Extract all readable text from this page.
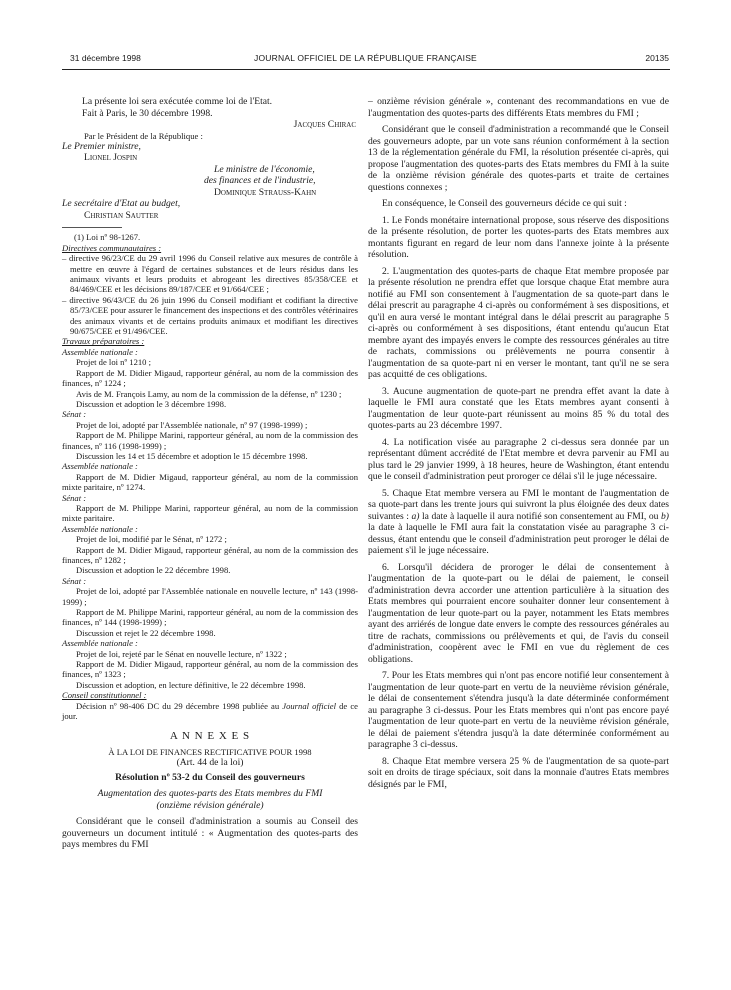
31 décembre 1998	JOURNAL OFFICIEL DE LA RÉPUBLIQUE FRANÇAISE	20135

La présente loi sera exécutée comme loi de l'Etat.

Fait à Paris, le 30 décembre 1998.

Jacques Chirac

Par le Président de la République :

Le Premier ministre,

Lionel Jospin

Le ministre de l'économie,

des finances et de l'industrie,

Dominique Strauss-Kahn

Le secrétaire d'Etat au budget,

Christian Sautter

(1) Loi nº 98-1267.

Directives communautaires :

– directive 96/23/CE du 29 avril 1996 du Conseil relative aux mesures de contrôle à mettre en œuvre à l'égard de certaines substances et de leurs résidus dans les animaux vivants et leurs produits et abrogeant les directives 85/358/CEE et 84/469/CEE et les décisions 89/187/CEE et 91/664/CEE ;

– directive 96/43/CE du 26 juin 1996 du Conseil modifiant et codifiant la directive 85/73/CEE pour assurer le financement des inspections et des contrôles vétérinaires des animaux vivants et de certains produits animaux et modifiant les directives 90/675/CEE et 91/496/CEE.

Travaux préparatoires :

Assemblée nationale :

Projet de loi nº 1210 ;

Rapport de M. Didier Migaud, rapporteur général, au nom de la commission des finances, nº 1224 ;

Avis de M. François Lamy, au nom de la commission de la défense, nº 1230 ;

Discussion et adoption le 3 décembre 1998.

Sénat :

Projet de loi, adopté par l'Assemblée nationale, nº 97 (1998-1999) ;

Rapport de M. Philippe Marini, rapporteur général, au nom de la commission des finances, nº 116 (1998-1999) ;

Discussion les 14 et 15 décembre et adoption le 15 décembre 1998.

Assemblée nationale :

Rapport de M. Didier Migaud, rapporteur général, au nom de la commission mixte paritaire, nº 1274.

Sénat :

Rapport de M. Philippe Marini, rapporteur général, au nom de la commission mixte paritaire.

Assemblée nationale :

Projet de loi, modifié par le Sénat, nº 1272 ;

Rapport de M. Didier Migaud, rapporteur général, au nom de la commission des finances, nº 1282 ;

Discussion et adoption le 22 décembre 1998.

Sénat :

Projet de loi, adopté par l'Assemblée nationale en nouvelle lecture, nº 143 (1998-1999) ;

Rapport de M. Philippe Marini, rapporteur général, au nom de la commission des finances, nº 144 (1998-1999) ;

Discussion et rejet le 22 décembre 1998.

Assemblée nationale :

Projet de loi, rejeté par le Sénat en nouvelle lecture, nº 1322 ;

Rapport de M. Didier Migaud, rapporteur général, au nom de la commission des finances, nº 1323 ;

Discussion et adoption, en lecture définitive, le 22 décembre 1998.

Conseil constitutionnel :

Décision nº 98-406 DC du 29 décembre 1998 publiée au Journal officiel de ce jour.

A N N E X E S

À LA LOI DE FINANCES RECTIFICATIVE POUR 1998

(Art. 44 de la loi)

Résolution nº 53-2 du Conseil des gouverneurs

Augmentation des quotes-parts des Etats membres du FMI

(onzième révision générale)

Considérant que le conseil d'administration a soumis au Conseil des gouverneurs un document intitulé : « Augmentation des quotes-parts des pays membres du FMI

– onzième révision générale », contenant des recommandations en vue de l'augmentation des quotes-parts des différents Etats membres du FMI ;

Considérant que le conseil d'administration a recommandé que le Conseil des gouverneurs adopte, par un vote sans réunion conformément à la section 13 de la réglementation générale du FMI, la résolution présentée ci-après, qui propose l'augmentation des quotes-parts des Etats membres du FMI à la suite de la onzième révision générale des quotes-parts et traite de certaines questions connexes ;

En conséquence, le Conseil des gouverneurs décide ce qui suit :

1. Le Fonds monétaire international propose, sous réserve des dispositions de la présente résolution, de porter les quotes-parts des Etats membres aux montants figurant en regard de leur nom dans l'annexe jointe à la présente résolution.

2. L'augmentation des quotes-parts de chaque Etat membre proposée par la présente résolution ne prendra effet que lorsque chaque Etat membre aura notifié au FMI son consentement à l'augmentation de sa quote-part dans le délai prescrit au paragraphe 4 ci-après ou conformément à ses dispositions, et qu'il en aura versé le montant intégral dans le délai prescrit au paragraphe 5 ci-après ou conformément à ses dispositions, étant entendu qu'aucun Etat membre ayant des impayés envers le compte des ressources générales au titre de rachats, commissions ou prélèvements ne pourra consentir à l'augmentation de sa quote-part ni en verser le montant, tant qu'il ne se sera pas acquitté de ces obligations.

3. Aucune augmentation de quote-part ne prendra effet avant la date à laquelle le FMI aura constaté que les Etats membres ayant consenti à l'augmentation de leur quote-part réunissent au moins 85 % du total des quotes-parts au 23 décembre 1997.

4. La notification visée au paragraphe 2 ci-dessus sera donnée par un représentant dûment accrédité de l'Etat membre et devra parvenir au FMI au plus tard le 29 janvier 1999, à 18 heures, heure de Washington, étant entendu que le conseil d'administration peut proroger ce délai s'il le juge nécessaire.

5. Chaque Etat membre versera au FMI le montant de l'augmentation de sa quote-part dans les trente jours qui suivront la plus éloignée des deux dates suivantes : a) la date à laquelle il aura notifié son consentement au FMI, ou b) la date à laquelle le FMI aura fait la constatation visée au paragraphe 3 ci-dessus, étant entendu que le conseil d'administration peut proroger le délai de paiement s'il le juge nécessaire.

6. Lorsqu'il décidera de proroger le délai de consentement à l'augmentation de la quote-part ou le délai de paiement, le conseil d'administration devra accorder une attention particulière à la situation des Etats membres qui pourraient encore souhaiter donner leur consentement à l'augmentation de leur quote-part ou la payer, notamment les Etats membres ayant des arriérés de longue date envers le compte des ressources générales au titre de rachats, commissions ou prélèvements et qui, de l'avis du conseil d'administration, coopèrent avec le FMI en vue du règlement de ces obligations.

7. Pour les Etats membres qui n'ont pas encore notifié leur consentement à l'augmentation de leur quote-part en vertu de la neuvième révision générale, le délai de consentement s'étendra jusqu'à la date déterminée conformément au paragraphe 3 ci-dessus. Pour les Etats membres qui n'ont pas encore payé l'augmentation de leur quote-part en vertu de la neuvième révision générale, le délai de paiement s'étendra jusqu'à la date déterminée conformément au paragraphe 3 ci-dessus.

8. Chaque Etat membre versera 25 % de l'augmentation de sa quote-part soit en droits de tirage spéciaux, soit dans la monnaie d'autres Etats membres désignés par le FMI,
